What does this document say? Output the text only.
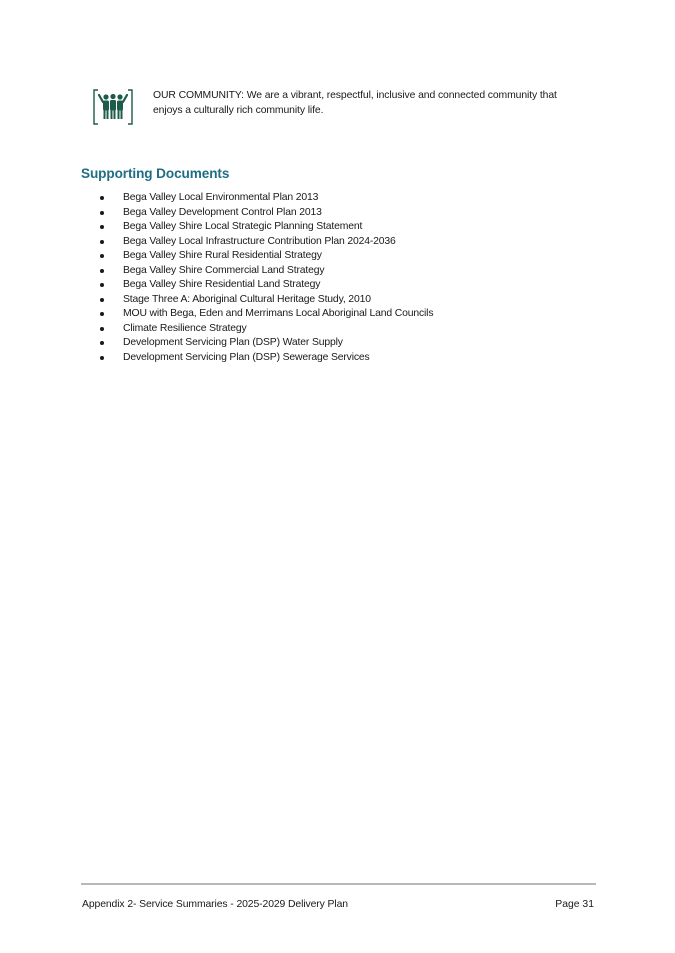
OUR COMMUNITY: We are a vibrant, respectful, inclusive and connected community that
enjoys a culturally rich community life.
Supporting Documents
Bega Valley Local Environmental Plan 2013
Bega Valley Development Control Plan 2013
Bega Valley Shire Local Strategic Planning Statement
Bega Valley Local Infrastructure Contribution Plan 2024-2036
Bega Valley Shire Rural Residential Strategy
Bega Valley Shire Commercial Land Strategy
Bega Valley Shire Residential Land Strategy
Stage Three A: Aboriginal Cultural Heritage Study, 2010
MOU with Bega, Eden and Merrimans Local Aboriginal Land Councils
Climate Resilience Strategy
Development Servicing Plan (DSP) Water Supply
Development Servicing Plan (DSP) Sewerage Services
Appendix 2- Service Summaries - 2025-2029 Delivery Plan	Page 31
